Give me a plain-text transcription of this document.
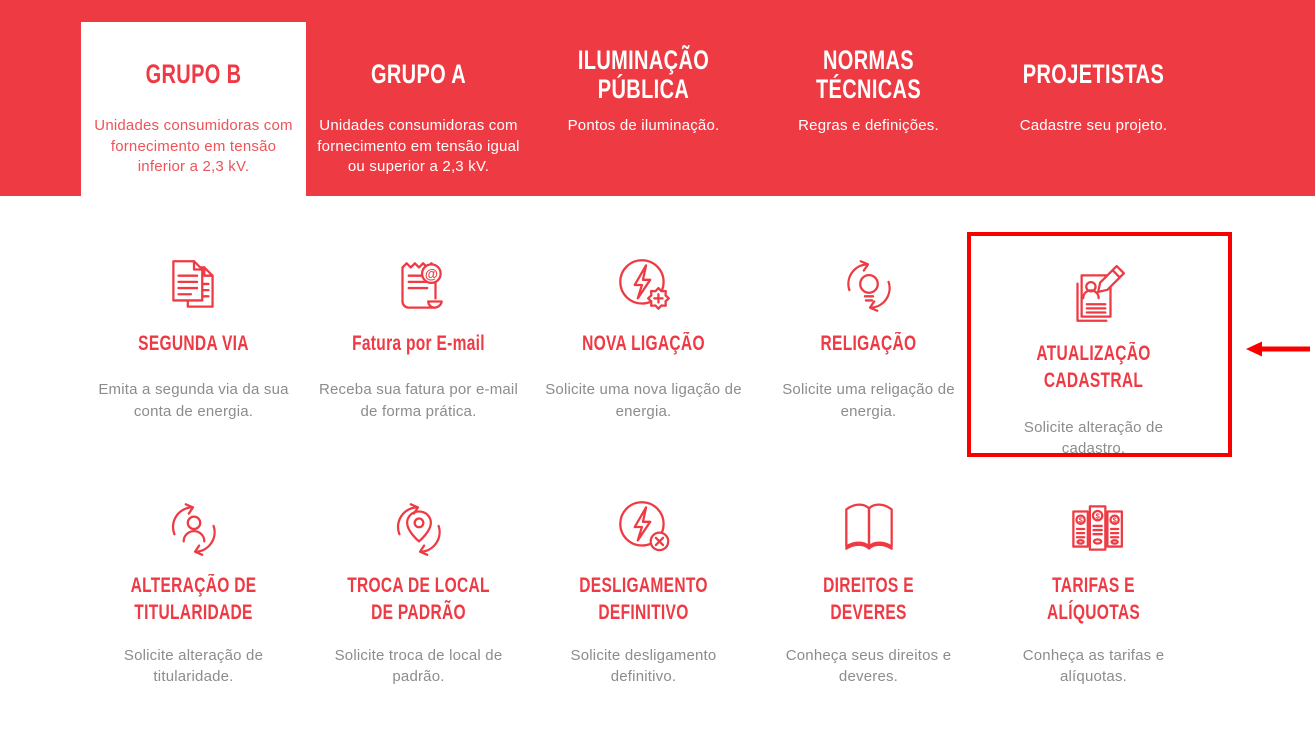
GRUPO B
Unidades consumidoras com fornecimento em tensão inferior a 2,3 kV.
GRUPO A
Unidades consumidoras com fornecimento em tensão igual ou superior a 2,3 kV.
ILUMINAÇÃO PÚBLICA
Pontos de iluminação.
NORMAS TÉCNICAS
Regras e definições.
PROJETISTAS
Cadastre seu projeto.
SEGUNDA VIA
Emita a segunda via da sua conta de energia.
@
Fatura por E-mail
Receba sua fatura por e-mail de forma prática.
NOVA LIGAÇÃO
Solicite uma nova ligação de energia.
RELIGAÇÃO
Solicite uma religação de energia.
ATUALIZAÇÃO CADASTRAL
Solicite alteração de cadastro.
ALTERAÇÃO DE TITULARIDADE
Solicite alteração de titularidade.
TROCA DE LOCAL DE PADRÃO
Solicite troca de local de padrão.
DESLIGAMENTO DEFINITIVO
Solicite desligamento definitivo.
DIREITOS E DEVERES
Conheça seus direitos e deveres.
$	$
$
TARIFAS E ALÍQUOTAS
Conheça as tarifas e alíquotas.
